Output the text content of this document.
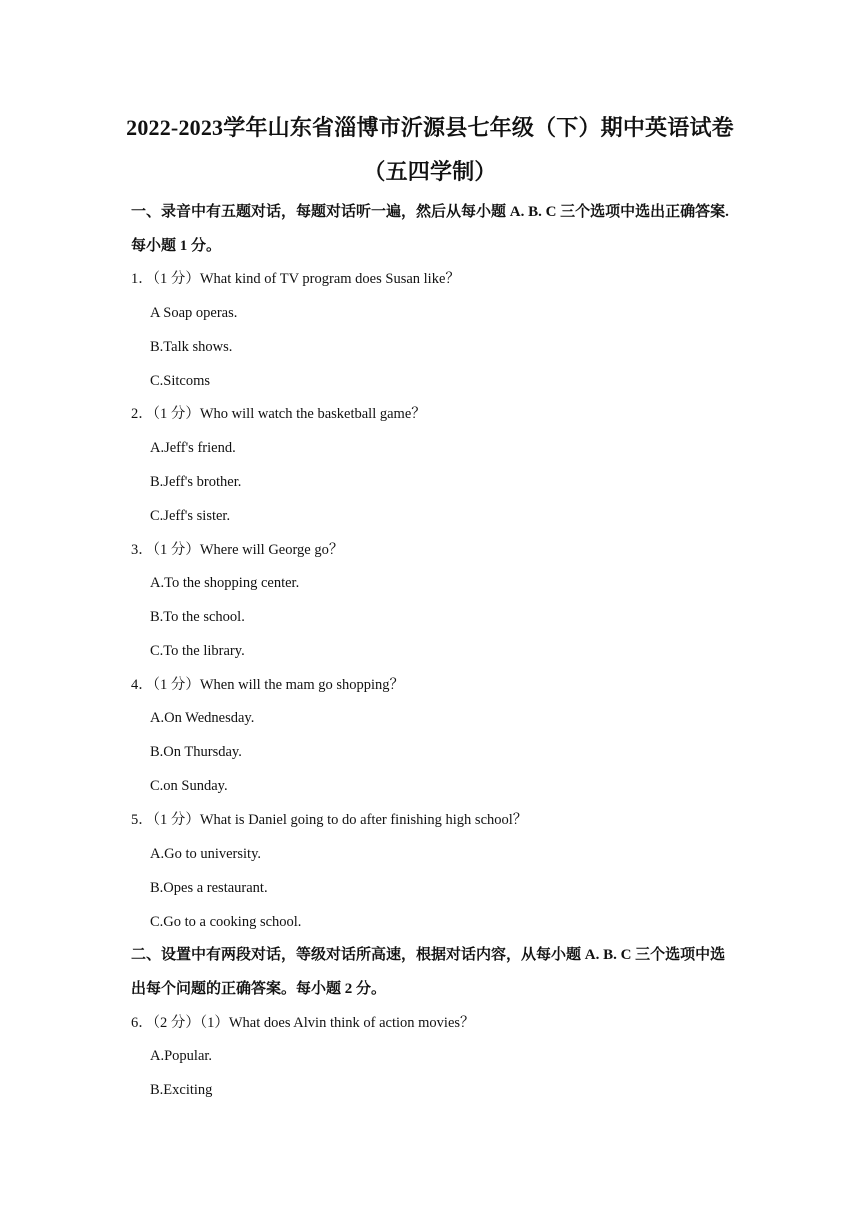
2022-2023学年山东省淄博市沂源县七年级（下）期中英语试卷
（五四学制）
一、录音中有五题对话，每题对话听一遍，然后从每小题 A. B. C 三个选项中选出正确答案.
每小题 1 分。
1．（1 分）What kind of TV program does Susan like？
A Soap operas.
B.Talk shows.
C.Sitcoms
2．（1 分）Who will watch the basketball game？
A.Jeff's friend.
B.Jeff's brother.
C.Jeff's sister.
3．（1 分）Where will George go？
A.To the shopping center.
B.To the school.
C.To the library.
4．（1 分）When will the mam go shopping？
A.On Wednesday.
B.On Thursday.
C.on Sunday.
5．（1 分）What is Daniel going to do after finishing high school？
A.Go to university.
B.Opes a restaurant.
C.Go to a cooking school.
二、设置中有两段对话，等级对话所高速，根据对话内容，从每小题 A. B. C 三个选项中选
出每个问题的正确答案。每小题 2 分。
6．（2 分）（1）What does Alvin think of action movies？
A.Popular.
B.Exciting
